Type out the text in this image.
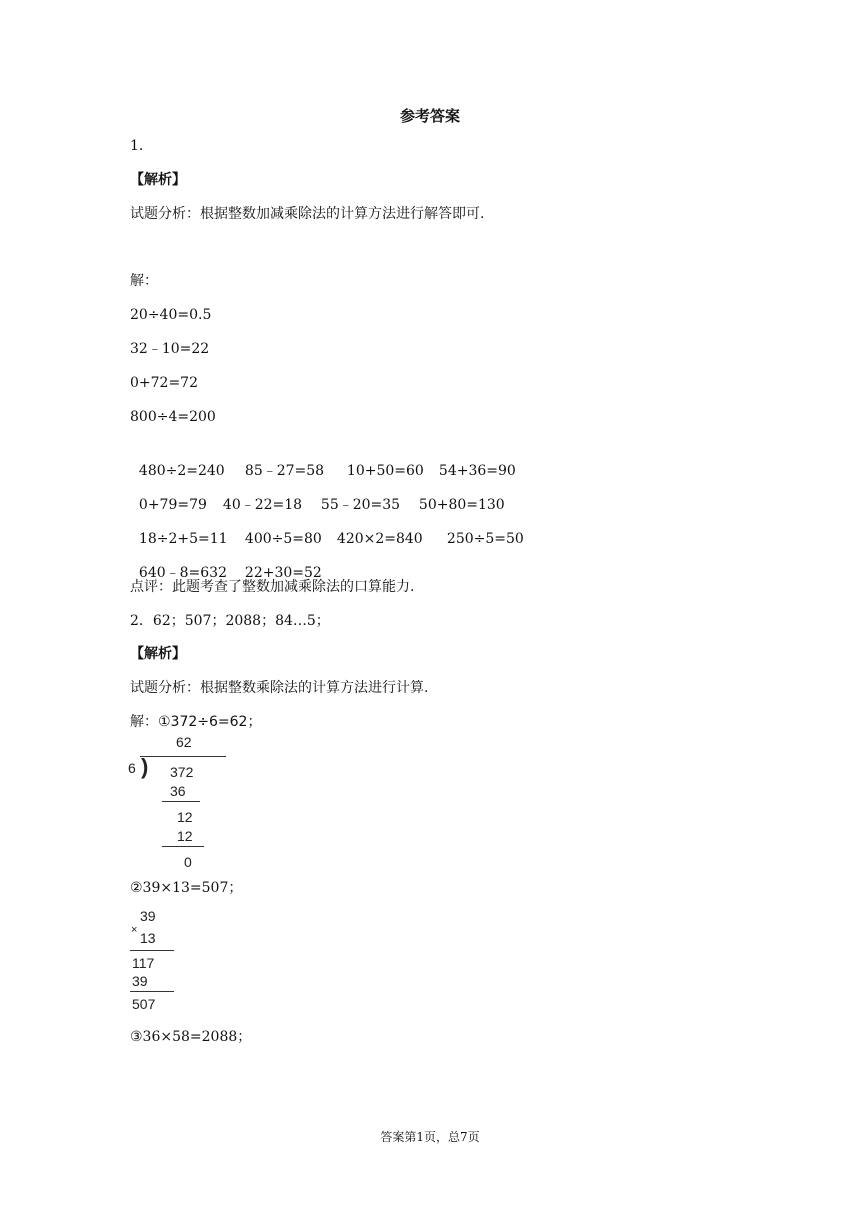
参考答案
1．
【解析】
试题分析：根据整数加减乘除法的计算方法进行解答即可.
解：
20÷40=0.5
32﹣10=22
0+72=72
800÷4=200

480÷2=240 85﹣27=58 10+50=60 54+36=90

0+79=79 40﹣22=18 55﹣20=35 50+80=130

18÷2+5=11 400÷5=80 420×2=840 250÷5=50

640﹣8=632 22+30=52

点评：此题考查了整数加减乘除法的口算能力.
2．62；507；2088；84…5；
【解析】
试题分析：根据整数乘除法的计算方法进行计算.
解：①372÷6=62；
62
6 ) 372
36
12
12
0
②39×13=507；
39
× 13
117
39
507
③36×58=2088；
答案第1页，总7页
